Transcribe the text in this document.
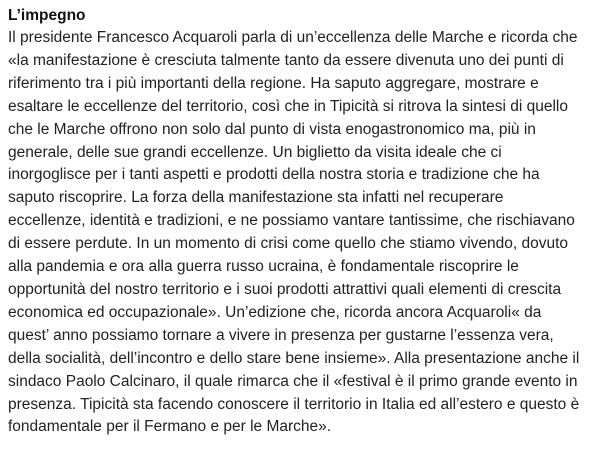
L’impegno

Il presidente Francesco Acquaroli parla di un’eccellenza delle Marche e ricorda che
«la manifestazione è cresciuta talmente tanto da essere divenuta uno dei punti di
riferimento tra i più importanti della regione. Ha saputo aggregare, mostrare e
esaltare le eccellenze del territorio, così che in Tipicità si ritrova la sintesi di quello
che le Marche offrono non solo dal punto di vista enogastronomico ma, più in
generale, delle sue grandi eccellenze. Un biglietto da visita ideale che ci
inorgoglisce per i tanti aspetti e prodotti della nostra storia e tradizione che ha
saputo riscoprire. La forza della manifestazione sta infatti nel recuperare
eccellenze, identità e tradizioni, e ne possiamo vantare tantissime, che rischiavano
di essere perdute. In un momento di crisi come quello che stiamo vivendo, dovuto
alla pandemia e ora alla guerra russo ucraina, è fondamentale riscoprire le
opportunità del nostro territorio e i suoi prodotti attrattivi quali elementi di crescita
economica ed occupazionale». Un’edizione che, ricorda ancora Acquaroli« da
quest’ anno possiamo tornare a vivere in presenza per gustarne l’essenza vera,
della socialità, dell’incontro e dello stare bene insieme». Alla presentazione anche il
sindaco Paolo Calcinaro, il quale rimarca che il «festival è il primo grande evento in
presenza. Tipicità sta facendo conoscere il territorio in Italia ed all’estero e questo è
fondamentale per il Fermano e per le Marche».
